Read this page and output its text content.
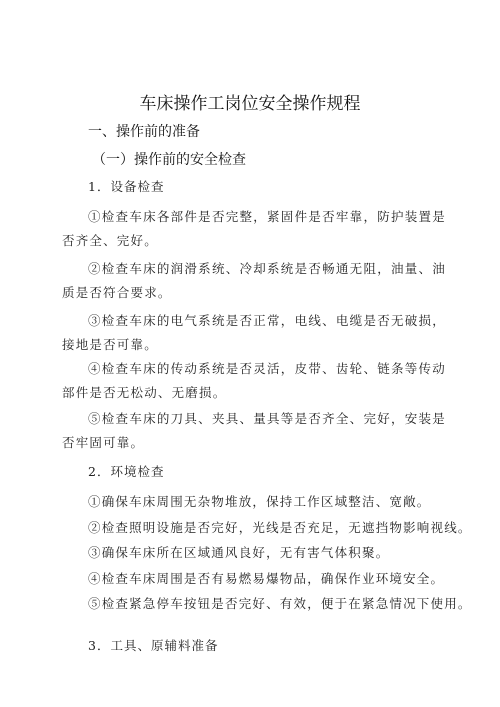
车床操作工岗位安全操作规程
一、操作前的准备
（一）操作前的安全检查
1．设备检查
①检查车床各部件是否完整，紧固件是否牢靠，防护装置是否齐全、完好。
②检查车床的润滑系统、冷却系统是否畅通无阻，油量、油质是否符合要求。
③检查车床的电气系统是否正常，电线、电缆是否无破损，接地是否可靠。
④检查车床的传动系统是否灵活，皮带、齿轮、链条等传动部件是否无松动、无磨损。
⑤检查车床的刀具、夹具、量具等是否齐全、完好，安装是否牢固可靠。
2．环境检查
①确保车床周围无杂物堆放，保持工作区域整洁、宽敞。
②检查照明设施是否完好，光线是否充足，无遮挡物影响视线。
③确保车床所在区域通风良好，无有害气体积聚。
④检查车床周围是否有易燃易爆物品，确保作业环境安全。
⑤检查紧急停车按钮是否完好、有效，便于在紧急情况下使用。
3．工具、原辅料准备
